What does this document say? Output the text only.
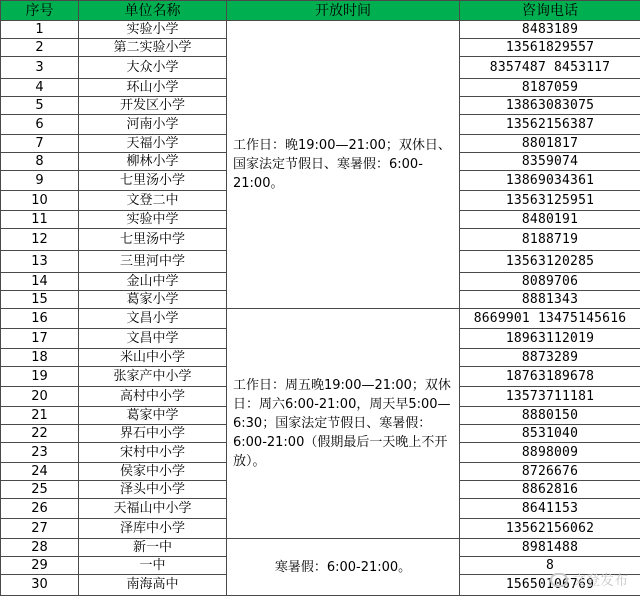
序号	单位名称	开放时间	咨询电话
1	实验小学	工作日：晚19:00—21:00；双休日、国家法定节假日、寒暑假：6:00-21:00。	8483189
2	第二实验小学		13561829557
3	大众小学		8357487 8453117
4	环山小学		8187059
5	开发区小学		13863083075
6	河南小学		13562156387
7	天福小学		8801817
8	柳林小学		8359074
9	七里汤小学		13869034361
10	文登二中		13563125951
11	实验中学		8480191
12	七里汤中学		8188719
13	三里河中学		13563120285
14	金山中学		8089706
15	葛家小学		8881343
16	文昌小学	工作日：周五晚19:00—21:00；双休日：周六6:00-21:00，周天早5:00—6:30；国家法定节假日、寒暑假：6:00-21:00（假期最后一天晚上不开放）。	8669901 13475145616
17	文昌中学		18963112019
18	米山中小学		8873289
19	张家产中小学		18763189678
20	高村中小学		13573711181
21	葛家中学		8880150
22	界石中小学		8531040
23	宋村中小学		8898009
24	侯家中小学		8726676
25	泽头中小学		8862816
26	天福山中小学		8641153
27	泽库中小学		13562156062
28	新一中	寒暑假：6:00-21:00。	8981488
29	一中		8
30	南海高中		15650106769
文登发布
